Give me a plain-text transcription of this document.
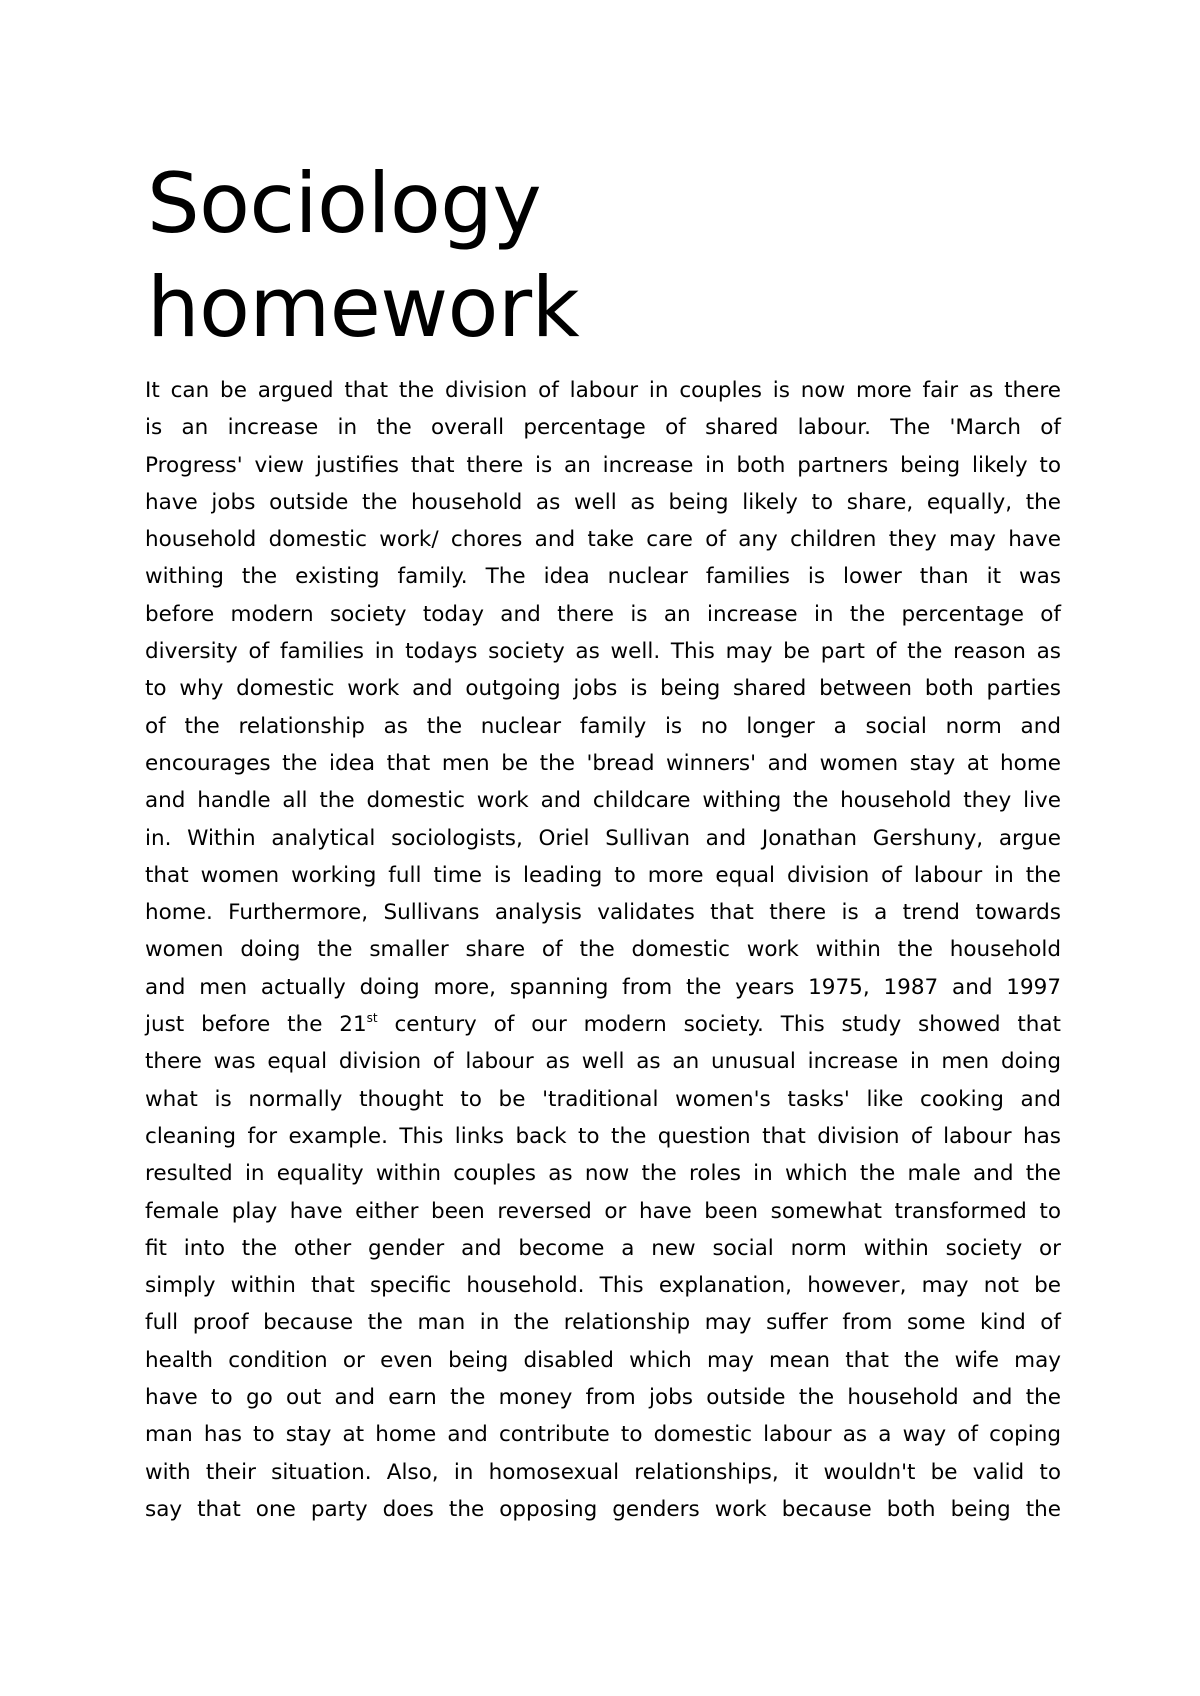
Sociology
homework
It can be argued that the division of labour in couples is now more fair as there
is an increase in the overall percentage of shared labour. The 'March of
Progress' view justifies that there is an increase in both partners being likely to
have jobs outside the household as well as being likely to share, equally, the
household domestic work/ chores and take care of any children they may have
withing the existing family. The idea nuclear families is lower than it was
before modern society today and there is an increase in the percentage of
diversity of families in todays society as well. This may be part of the reason as
to why domestic work and outgoing jobs is being shared between both parties
of the relationship as the nuclear family is no longer a social norm and
encourages the idea that men be the 'bread winners' and women stay at home
and handle all the domestic work and childcare withing the household they live
in. Within analytical sociologists, Oriel Sullivan and Jonathan Gershuny, argue
that women working full time is leading to more equal division of labour in the
home. Furthermore, Sullivans analysis validates that there is a trend towards
women doing the smaller share of the domestic work within the household
and men actually doing more, spanning from the years 1975, 1987 and 1997
just before the 21st century of our modern society. This study showed that
there was equal division of labour as well as an unusual increase in men doing
what is normally thought to be 'traditional women's tasks' like cooking and
cleaning for example. This links back to the question that division of labour has
resulted in equality within couples as now the roles in which the male and the
female play have either been reversed or have been somewhat transformed to
fit into the other gender and become a new social norm within society or
simply within that specific household. This explanation, however, may not be
full proof because the man in the relationship may suffer from some kind of
health condition or even being disabled which may mean that the wife may
have to go out and earn the money from jobs outside the household and the
man has to stay at home and contribute to domestic labour as a way of coping
with their situation. Also, in homosexual relationships, it wouldn't be valid to
say that one party does the opposing genders work because both being the
